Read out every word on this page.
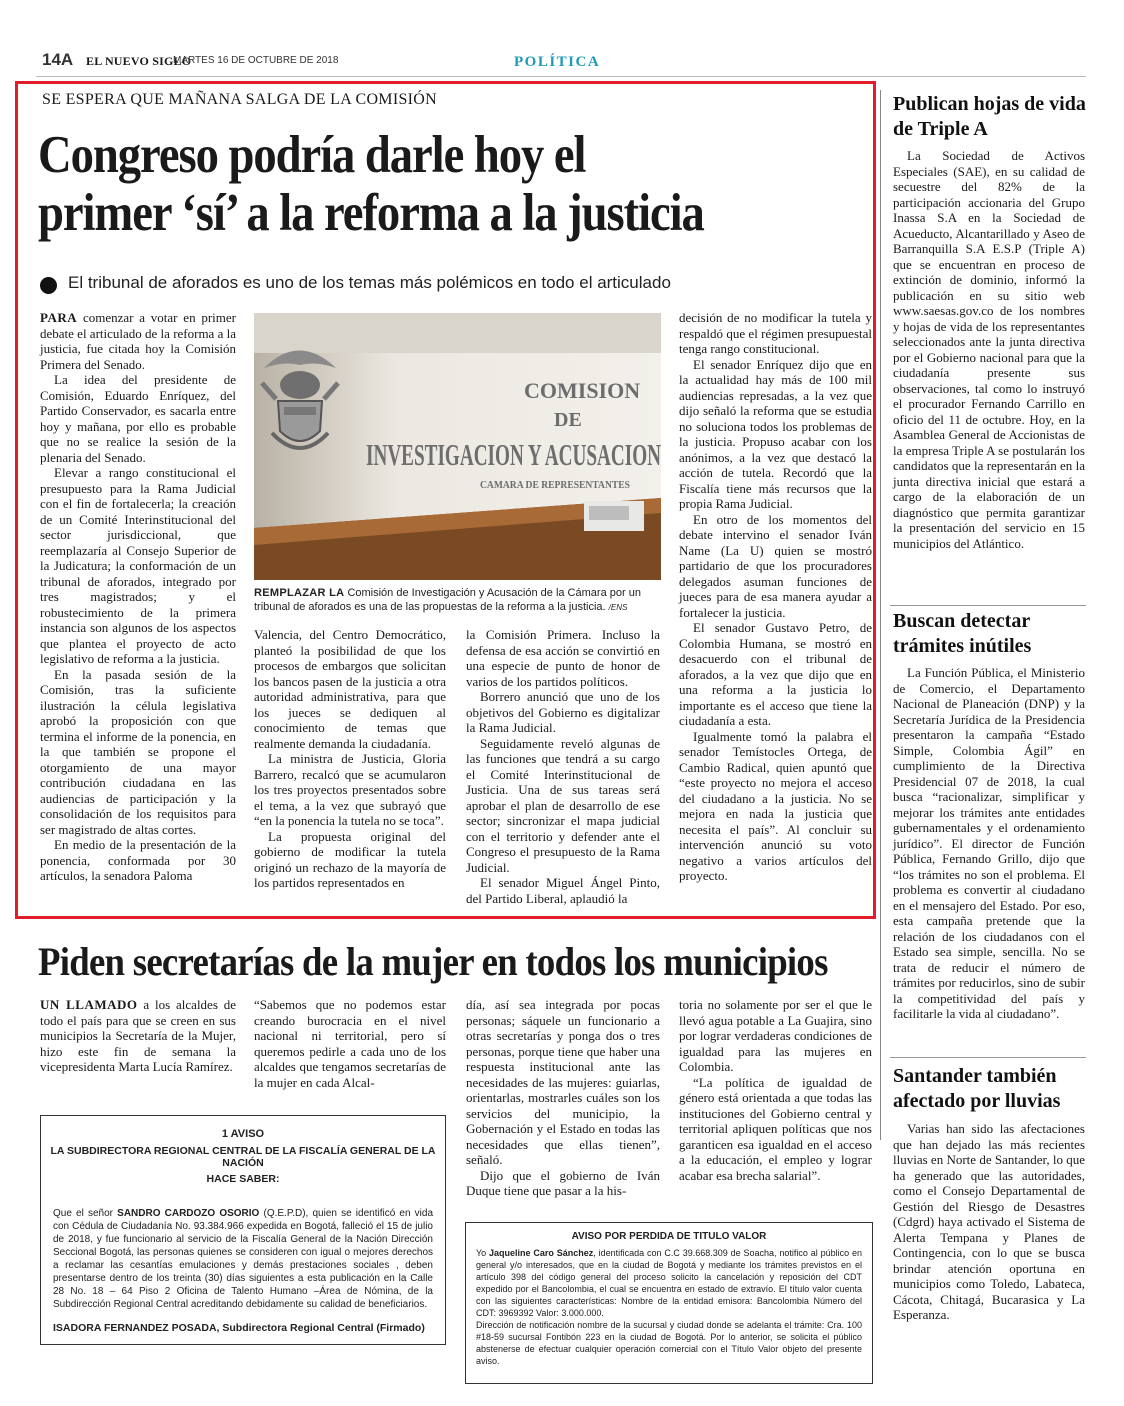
14A EL NUEVO SIGLO
MARTES 16 DE OCTUBRE DE 2018	POLÍTICA
SE ESPERA QUE MAÑANA SALGA DE LA COMISIÓN
Congreso podría darle hoy el
primer ‘sí’ a la reforma a la justicia
El tribunal de aforados es uno de los temas más polémicos en todo el articulado

PARA comenzar a votar en primer debate el articulado de la reforma a la justicia, fue citada hoy la Comisión Primera del Senado.

La idea del presidente de Comisión, Eduardo Enríquez, del Partido Conservador, es sacarla entre hoy y mañana, por ello es probable que no se realice la sesión de la plenaria del Senado.

Elevar a rango constitucional el presupuesto para la Rama Judicial con el fin de fortalecerla; la creación de un Comité Interinstitucional del sector jurisdiccional, que reemplazaría al Consejo Superior de la Judicatura; la conformación de un tribunal de aforados, integrado por tres magistrados; y el robustecimiento de la primera instancia son algunos de los aspectos que plantea el proyecto de acto legislativo de reforma a la justicia.

En la pasada sesión de la Comisión, tras la suficiente ilustración la célula legislativa aprobó la proposición con que termina el informe de la ponencia, en la que también se propone el otorgamiento de una mayor contribución ciudadana en las audiencias de participación y la consolidación de los requisitos para ser magistrado de altas cortes.

En medio de la presentación de la ponencia, conformada por 30 artículos, la senadora Paloma

COMISION
DE
INVESTIGACION Y ACUSACION
CAMARA DE REPRESENTANTES
REMPLAZAR LA Comisión de Investigación y Acusación de la Cámara por un tribunal de aforados es una de las propuestas de la reforma a la justicia. /ENS

Valencia, del Centro Democrático, planteó la posibilidad de que los procesos de embargos que solicitan los bancos pasen de la justicia a otra autoridad administrativa, para que los jueces se dediquen al conocimiento de temas que realmente demanda la ciudadanía.

La ministra de Justicia, Gloria Barrero, recalcó que se acumularon los tres proyectos presentados sobre el tema, a la vez que subrayó que “en la ponencia la tutela no se toca”.

La propuesta original del gobierno de modificar la tutela originó un rechazo de la mayoría de los partidos representados en

la Comisión Primera. Incluso la defensa de esa acción se convirtió en una especie de punto de honor de varios de los partidos políticos.

Borrero anunció que uno de los objetivos del Gobierno es digitalizar la Rama Judicial.

Seguidamente reveló algunas de las funciones que tendrá a su cargo el Comité Interinstitucional de Justicia. Una de sus tareas será aprobar el plan de desarrollo de ese sector; sincronizar el mapa judicial con el territorio y defender ante el Congreso el presupuesto de la Rama Judicial.

El senador Miguel Ángel Pinto, del Partido Liberal, aplaudió la

decisión de no modificar la tutela y respaldó que el régimen presupuestal tenga rango constitucional.

El senador Enríquez dijo que en la actualidad hay más de 100 mil audiencias represadas, a la vez que dijo señaló la reforma que se estudia no soluciona todos los problemas de la justicia. Propuso acabar con los anónimos, a la vez que destacó la acción de tutela. Recordó que la Fiscalía tiene más recursos que la propia Rama Judicial.

En otro de los momentos del debate intervino el senador Iván Name (La U) quien se mostró partidario de que los procuradores delegados asuman funciones de jueces para de esa manera ayudar a fortalecer la justicia.

El senador Gustavo Petro, de Colombia Humana, se mostró en desacuerdo con el tribunal de aforados, a la vez que dijo que en una reforma a la justicia lo importante es el acceso que tiene la ciudadanía a esta.

Igualmente tomó la palabra el senador Temístocles Ortega, de Cambio Radical, quien apuntó que “este proyecto no mejora el acceso del ciudadano a la justicia. No se mejora en nada la justicia que necesita el país”. Al concluir su intervención anunció su voto negativo a varios artículos del proyecto.

Publican hojas de vida de Triple A

La Sociedad de Activos Especiales (SAE), en su calidad de secuestre del 82% de la participación accionaria del Grupo Inassa S.A en la Sociedad de Acueducto, Alcantarillado y Aseo de Barranquilla S.A E.S.P (Triple A) que se encuentran en proceso de extinción de dominio, informó la publicación en su sitio web www.saesas.gov.co de los nombres y hojas de vida de los representantes seleccionados ante la junta directiva por el Gobierno nacional para que la ciudadanía presente sus observaciones, tal como lo instruyó el procurador Fernando Carrillo en oficio del 11 de octubre. Hoy, en la Asamblea General de Accionistas de la empresa Triple A se postularán los candidatos que la representarán en la junta directiva inicial que estará a cargo de la elaboración de un diagnóstico que permita garantizar la presentación del servicio en 15 municipios del Atlántico.

Buscan detectar trámites inútiles

La Función Pública, el Ministerio de Comercio, el Departamento Nacional de Planeación (DNP) y la Secretaría Jurídica de la Presidencia presentaron la campaña “Estado Simple, Colombia Ágil” en cumplimiento de la Directiva Presidencial 07 de 2018, la cual busca “racionalizar, simplificar y mejorar los trámites ante entidades gubernamentales y el ordenamiento jurídico”. El director de Función Pública, Fernando Grillo, dijo que “los trámites no son el problema. El problema es convertir al ciudadano en el mensajero del Estado. Por eso, esta campaña pretende que la relación de los ciudadanos con el Estado sea simple, sencilla. No se trata de reducir el número de trámites por reducirlos, sino de subir la competitividad del país y facilitarle la vida al ciudadano”.

Santander también afectado por lluvias

Varias han sido las afectaciones que han dejado las más recientes lluvias en Norte de Santander, lo que ha generado que las autoridades, como el Consejo Departamental de Gestión del Riesgo de Desastres (Cdgrd) haya activado el Sistema de Alerta Tempana y Planes de Contingencia, con lo que se busca brindar atención oportuna en municipios como Toledo, Labateca, Cácota, Chitagá, Bucarasica y La Esperanza.

Piden secretarías de la mujer en todos los municipios

UN LLAMADO a los alcaldes de todo el país para que se creen en sus municipios la Secretaría de la Mujer, hizo este fin de semana la vicepresidenta Marta Lucía Ramírez.

“Sabemos que no podemos estar creando burocracia en el nivel nacional ni territorial, pero sí queremos pedirle a cada uno de los alcaldes que tengamos secretarías de la mujer en cada Alcal-

día, así sea integrada por pocas personas; sáquele un funcionario a otras secretarías y ponga dos o tres personas, porque tiene que haber una respuesta institucional ante las necesidades de las mujeres: guiarlas, orientarlas, mostrarles cuáles son los servicios del municipio, la Gobernación y el Estado en todas las necesidades que ellas tienen”, señaló.

Dijo que el gobierno de Iván Duque tiene que pasar a la his-

toria no solamente por ser el que le llevó agua potable a La Guajira, sino por lograr verdaderas condiciones de igualdad para las mujeres en Colombia.

“La política de igualdad de género está orientada a que todas las instituciones del Gobierno central y territorial apliquen políticas que nos garanticen esa igualdad en el acceso a la educación, el empleo y lograr acabar esa brecha salarial”.

1 AVISO
LA SUBDIRECTORA REGIONAL CENTRAL DE LA FISCALÍA GENERAL DE LA NACIÓN
HACE SABER:
Que el señor SANDRO CARDOZO OSORIO (Q.E.P.D), quien se identificó en vida con Cédula de Ciudadanía No. 93.384.966 expedida en Bogotá, falleció el 15 de julio de 2018, y fue funcionario al servicio de la Fiscalía General de la Nación Dirección Seccional Bogotá, las personas quienes se consideren con igual o mejores derechos a reclamar las cesantías emulaciones y demás prestaciones sociales , deben presentarse dentro de los treinta (30) días siguientes a esta publicación en la Calle 28 No. 18 – 64 Piso 2 Oficina de Talento Humano –Área de Nómina, de la Subdirección Regional Central acreditando debidamente su calidad de beneficiarios.
ISADORA FERNANDEZ POSADA, Subdirectora Regional Central (Firmado)
AVISO POR PERDIDA DE TITULO VALOR
Yo Jaqueline Caro Sánchez, identificada con C.C 39.668.309 de Soacha, notifico al público en general y/o interesados, que en la ciudad de Bogotá y mediante los trámites previstos en el artículo 398 del código general del proceso solicito la cancelación y reposición del CDT expedido por el Bancolombia, el cual se encuentra en estado de extravío. El título valor cuenta con las siguientes características: Nombre de la entidad emisora: Bancolombia Número del CDT: 3969392 Valor: 3.000.000.
Dirección de notificación nombre de la sucursal y ciudad donde se adelanta el trámite: Cra. 100 #18-59 sucursal Fontibón 223 en la ciudad de Bogotá. Por lo anterior, se solicita el público abstenerse de efectuar cualquier operación comercial con el Título Valor objeto del presente aviso.
